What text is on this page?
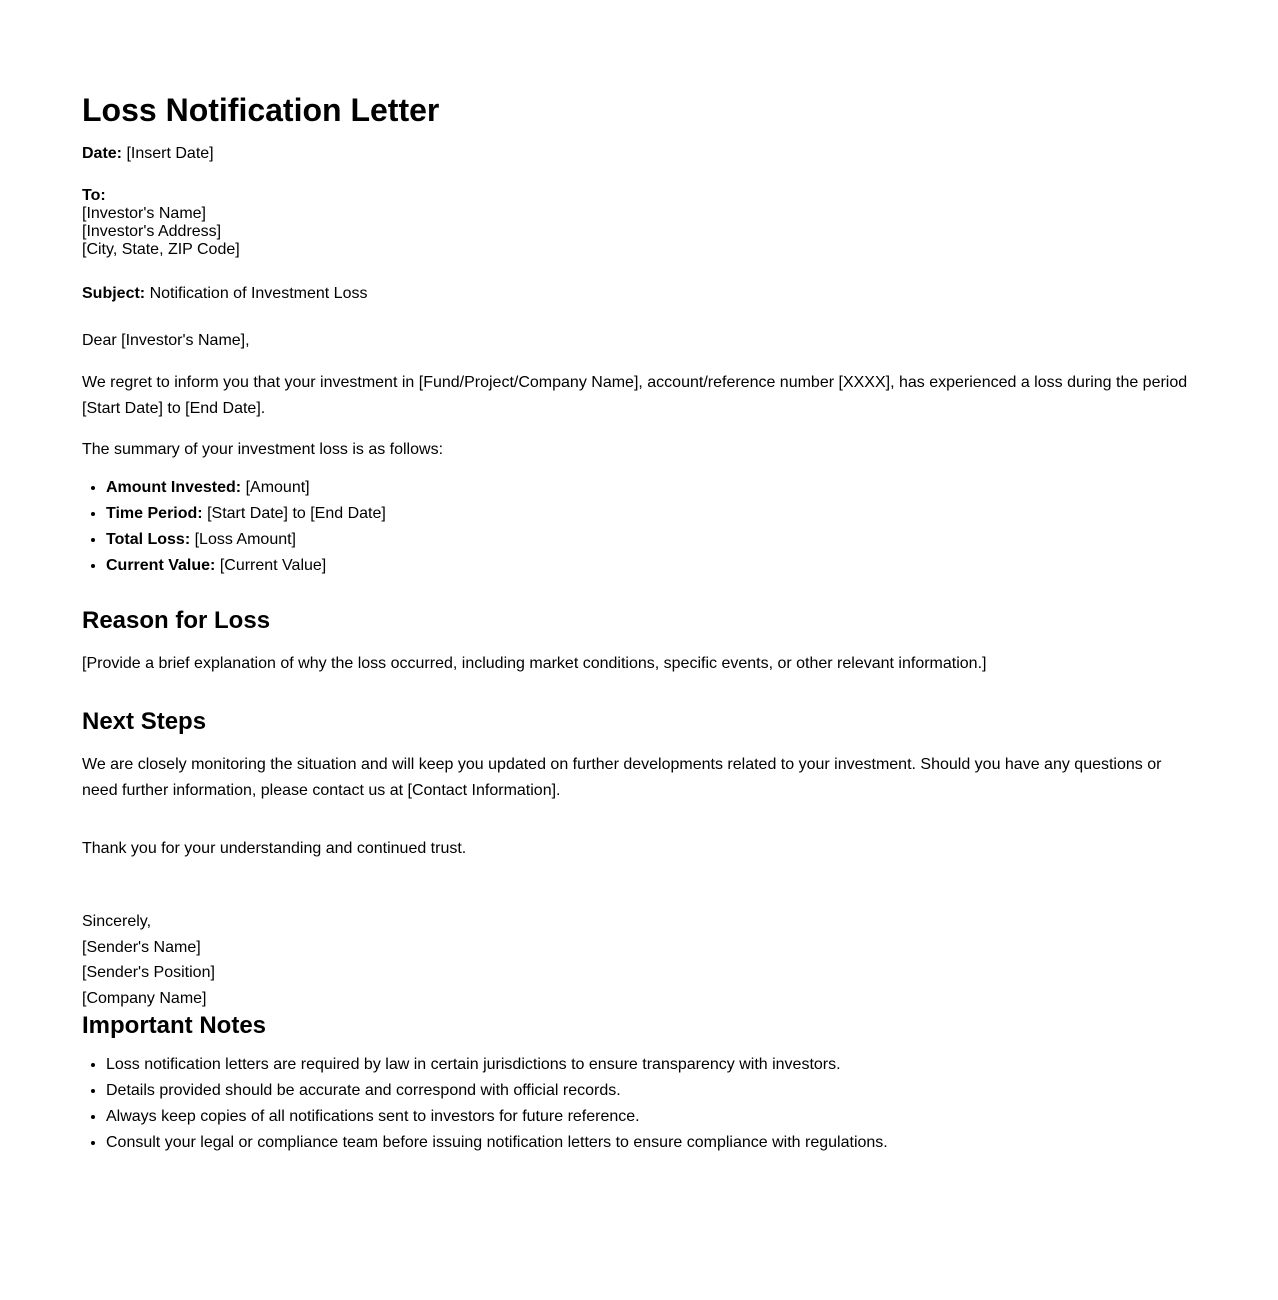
Loss Notification Letter
Date: [Insert Date]
To:
[Investor's Name]
[Investor's Address]
[City, State, ZIP Code]
Subject: Notification of Investment Loss

Dear [Investor's Name],

We regret to inform you that your investment in [Fund/Project/Company Name], account/reference number [XXXX], has experienced a loss during the period [Start Date] to [End Date].

The summary of your investment loss is as follows:

• Amount Invested: [Amount]
• Time Period: [Start Date] to [End Date]
• Total Loss: [Loss Amount]
• Current Value: [Current Value]
Reason for Loss

[Provide a brief explanation of why the loss occurred, including market conditions, specific events, or other relevant information.]

Next Steps

We are closely monitoring the situation and will keep you updated on further developments related to your investment. Should you have any questions or need further information, please contact us at [Contact Information].

Thank you for your understanding and continued trust.

Sincerely,

[Sender's Name]

[Sender's Position]

[Company Name]

Important Notes
• Loss notification letters are required by law in certain jurisdictions to ensure transparency with investors.
• Details provided should be accurate and correspond with official records.
• Always keep copies of all notifications sent to investors for future reference.
• Consult your legal or compliance team before issuing notification letters to ensure compliance with regulations.
